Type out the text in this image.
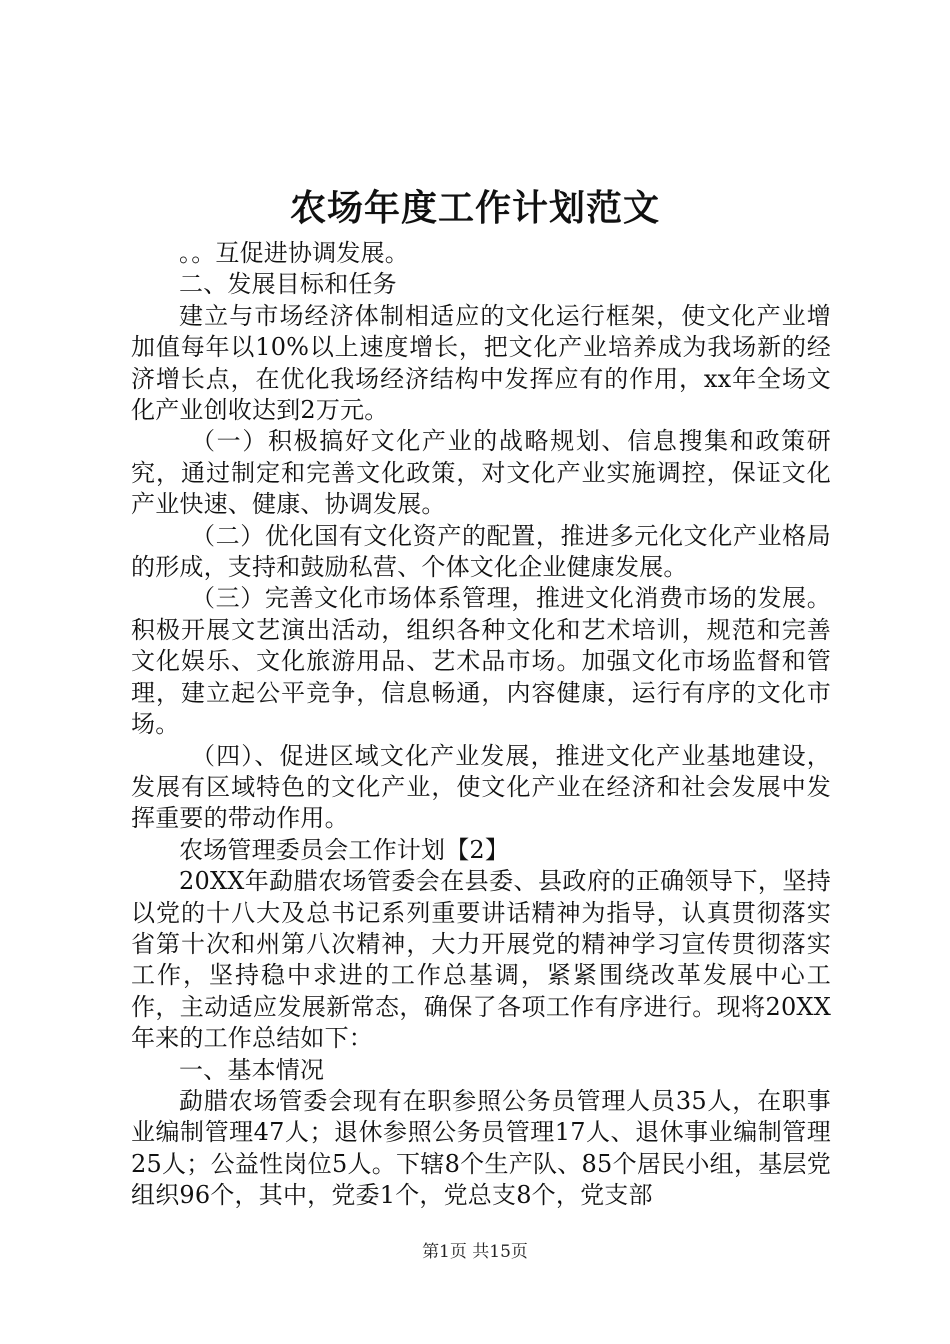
农场年度工作计划范文

。。互促进协调发展。

二、发展目标和任务

建立与市场经济体制相适应的文化运行框架，使文化产业增加值每年以10%以上速度增长，把文化产业培养成为我场新的经济增长点，在优化我场经济结构中发挥应有的作用，xx年全场文化产业创收达到2万元。

（一）积极搞好文化产业的战略规划、信息搜集和政策研究，通过制定和完善文化政策，对文化产业实施调控，保证文化产业快速、健康、协调发展。

（二）优化国有文化资产的配置，推进多元化文化产业格局的形成，支持和鼓励私营、个体文化企业健康发展。

（三）完善文化市场体系管理，推进文化消费市场的发展。积极开展文艺演出活动，组织各种文化和艺术培训，规范和完善文化娱乐、文化旅游用品、艺术品市场。加强文化市场监督和管理，建立起公平竞争，信息畅通，内容健康，运行有序的文化市场。

（四）、促进区域文化产业发展，推进文化产业基地建设，发展有区域特色的文化产业，使文化产业在经济和社会发展中发挥重要的带动作用。

农场管理委员会工作计划【2】

20XX年勐腊农场管委会在县委、县政府的正确领导下，坚持以党的十八大及总书记系列重要讲话精神为指导，认真贯彻落实省第十次和州第八次精神，大力开展党的精神学习宣传贯彻落实工作，坚持稳中求进的工作总基调，紧紧围绕改革发展中心工作，主动适应发展新常态，确保了各项工作有序进行。现将20XX年来的工作总结如下：

一、基本情况

勐腊农场管委会现有在职参照公务员管理人员35人，在职事业编制管理47人；退休参照公务员管理17人、退休事业编制管理25人；公益性岗位5人。下辖8个生产队、85个居民小组，基层党组织96个，其中，党委1个，党总支8个，党支部

第1页 共15页
